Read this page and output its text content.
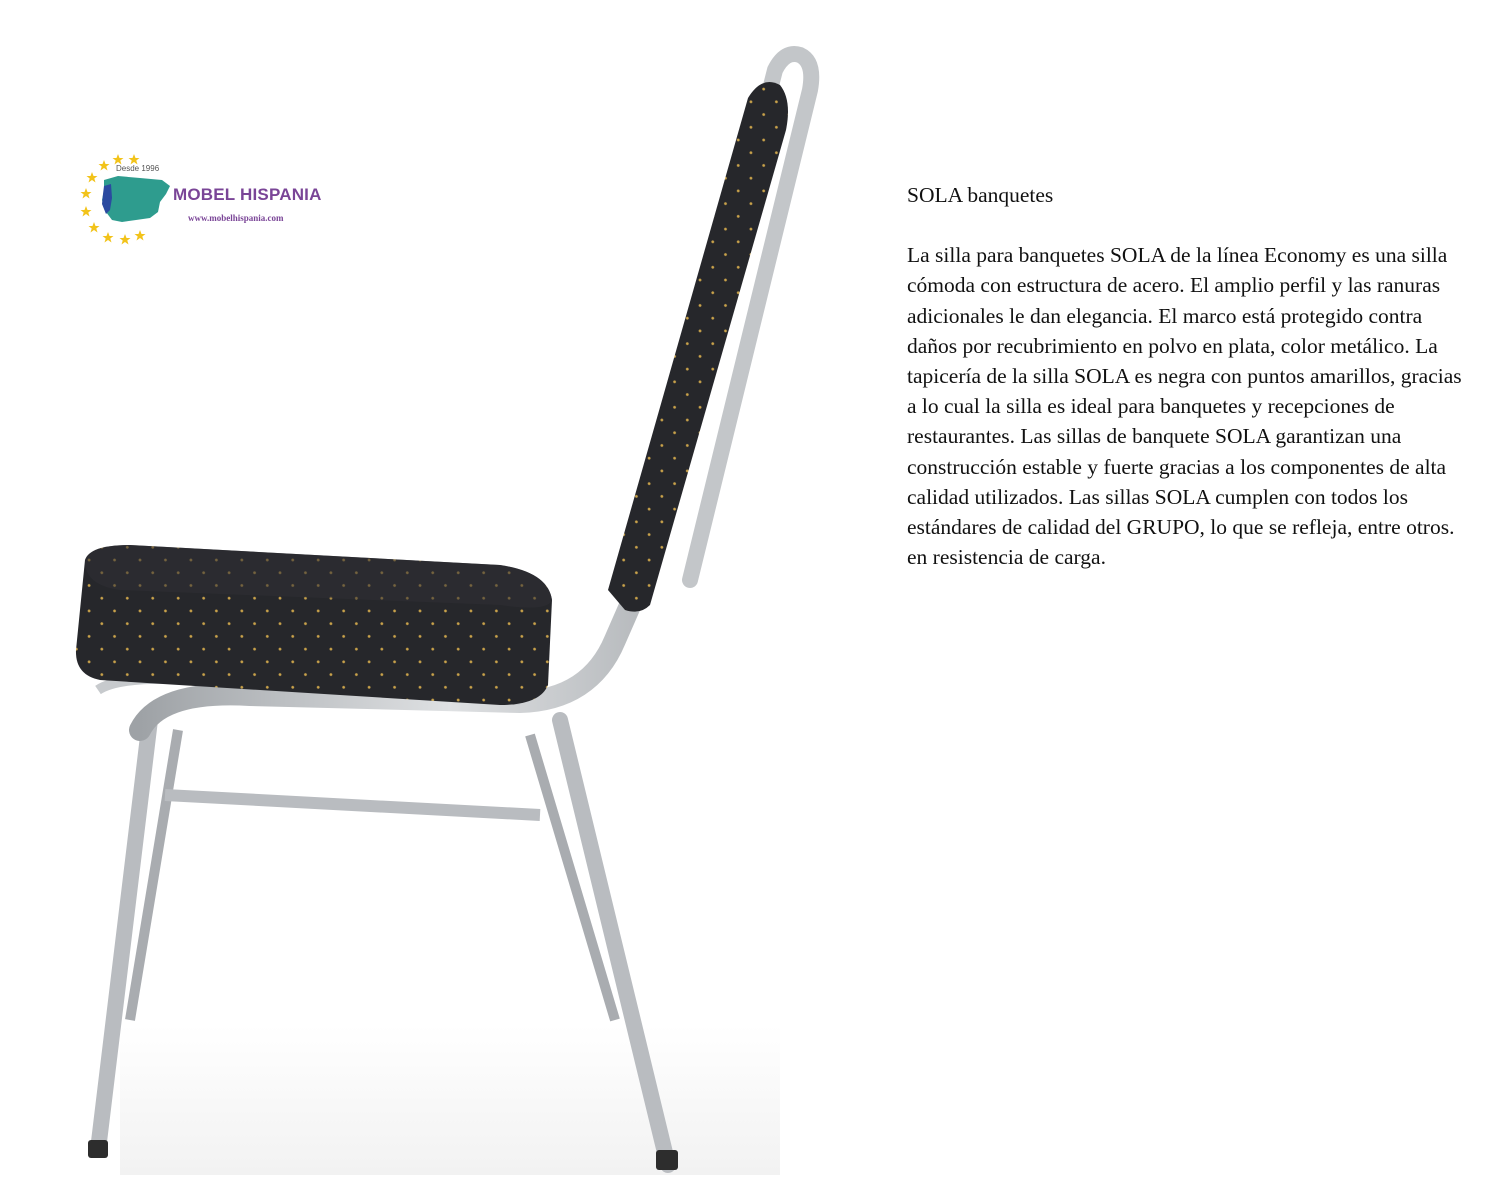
Desde 1996
MOBEL HISPANIA
www.mobelhispania.com
SOLA banquetes

La silla para banquetes SOLA de la línea Economy es una silla cómoda con estructura de acero. El amplio perfil y las ranuras adicionales le dan elegancia. El marco está protegido contra daños por recubrimiento en polvo en plata, color metálico. La tapicería de la silla SOLA es negra con puntos amarillos, gracias a lo cual la silla es ideal para banquetes y recepciones de restaurantes. Las sillas de banquete SOLA garantizan una construcción estable y fuerte gracias a los componentes de alta calidad utilizados. Las sillas SOLA cumplen con todos los estándares de calidad del GRUPO, lo que se refleja, entre otros. en resistencia de carga.
